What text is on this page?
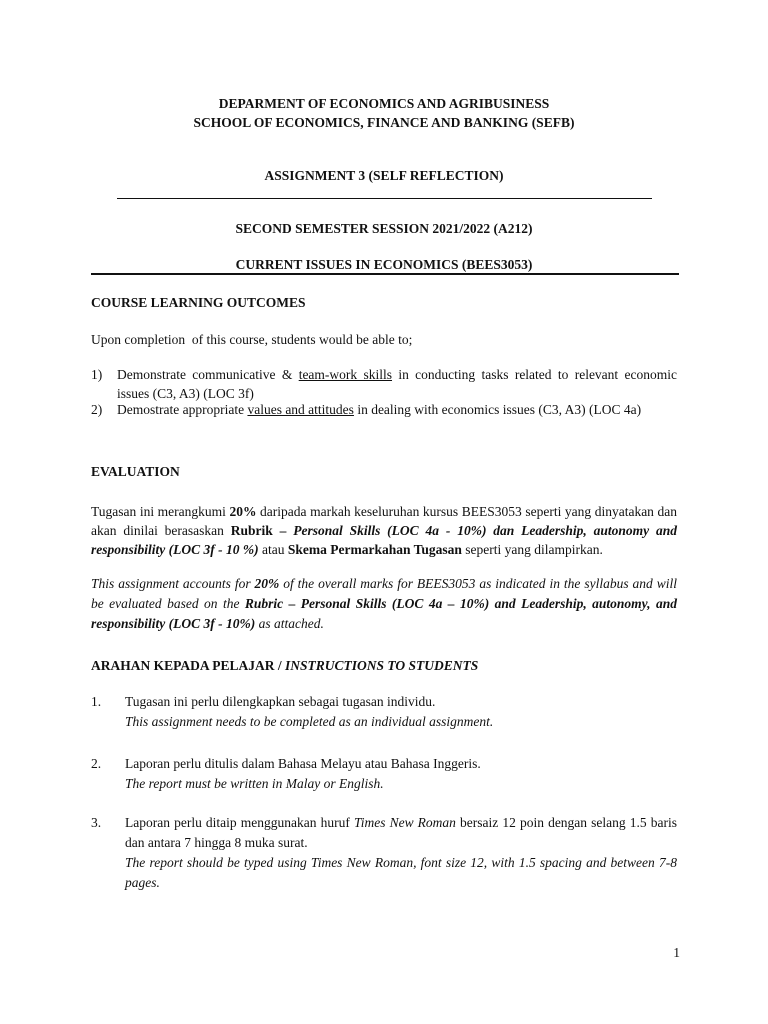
DEPARMENT OF ECONOMICS AND AGRIBUSINESS
SCHOOL OF ECONOMICS, FINANCE AND BANKING (SEFB)
ASSIGNMENT 3 (SELF REFLECTION)
SECOND SEMESTER SESSION 2021/2022 (A212)
CURRENT ISSUES IN ECONOMICS (BEES3053)
COURSE LEARNING OUTCOMES
Upon completion  of this course, students would be able to;
1)	Demonstrate communicative & team-work skills in conducting tasks related to relevant economic issues (C3, A3) (LOC 3f)
2)	Demostrate appropriate values and attitudes in dealing with economics issues (C3, A3) (LOC 4a)
EVALUATION
Tugasan ini merangkumi 20% daripada markah keseluruhan kursus BEES3053 seperti yang dinyatakan dan akan dinilai berasaskan Rubrik – Personal Skills (LOC 4a - 10%) dan Leadership, autonomy and responsibility (LOC 3f - 10 %) atau Skema Permarkahan Tugasan seperti yang dilampirkan.
This assignment accounts for 20% of the overall marks for BEES3053 as indicated in the syllabus and will be evaluated based on the Rubric – Personal Skills (LOC 4a – 10%) and Leadership, autonomy, and responsibility (LOC 3f - 10%) as attached.
ARAHAN KEPADA PELAJAR / INSTRUCTIONS TO STUDENTS
1.	Tugasan ini perlu dilengkapkan sebagai tugasan individu.
This assignment needs to be completed as an individual assignment.
2.	Laporan perlu ditulis dalam Bahasa Melayu atau Bahasa Inggeris.
The report must be written in Malay or English.
3.	Laporan perlu ditaip menggunakan huruf Times New Roman bersaiz 12 poin dengan selang 1.5 baris dan antara 7 hingga 8 muka surat.
The report should be typed using Times New Roman, font size 12, with 1.5 spacing and between 7-8 pages.
1
